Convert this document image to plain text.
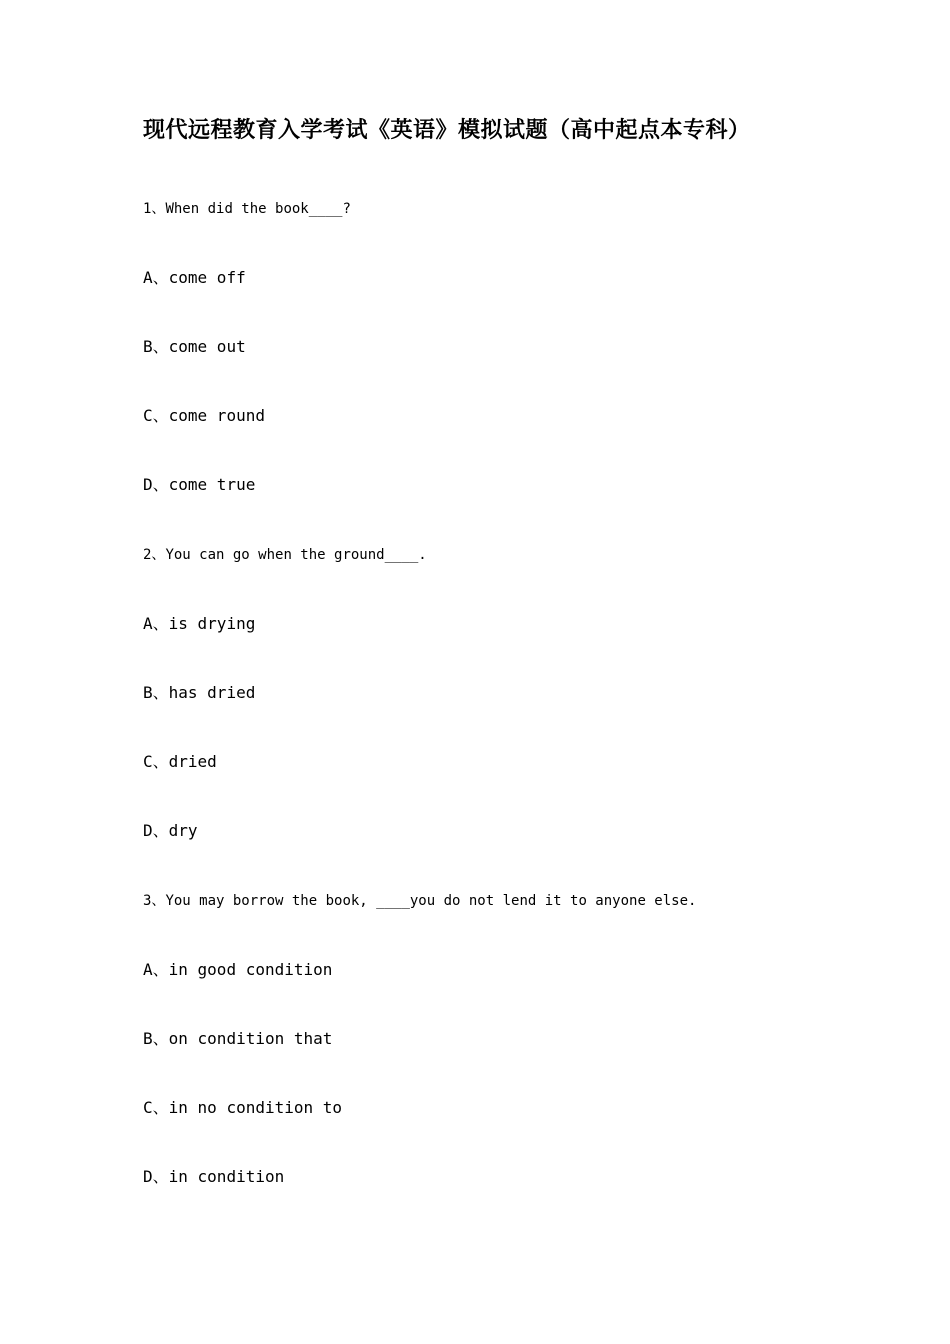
现代远程教育入学考试《英语》模拟试题（高中起点本专科）
1、When did the book____?
A、come off
B、come out
C、come round
D、come true
2、You can go when the ground____.
A、is drying
B、has dried
C、dried
D、dry
3、You may borrow the book, ____you do not lend it to anyone else.
A、in good condition
B、on condition that
C、in no condition to
D、in condition
